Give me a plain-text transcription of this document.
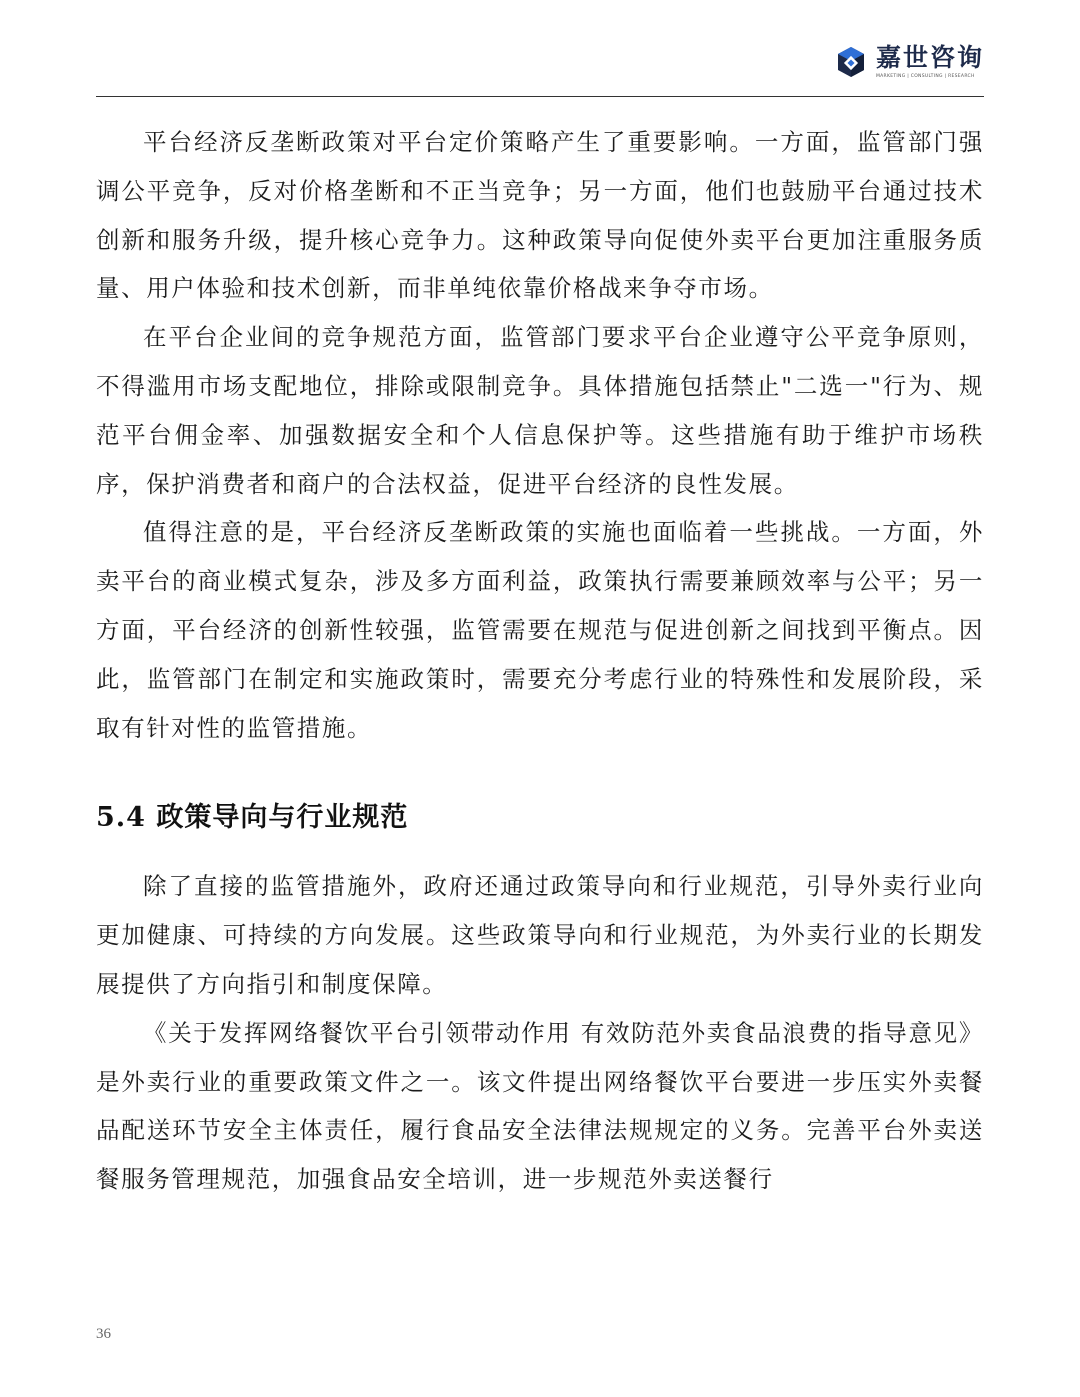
嘉世咨询
MARKETING | CONSULTING | RESEARCH

平台经济反垄断政策对平台定价策略产生了重要影响。一方面，监管部门强调公平竞争，反对价格垄断和不正当竞争；另一方面，他们也鼓励平台通过技术创新和服务升级，提升核心竞争力。这种政策导向促使外卖平台更加注重服务质量、用户体验和技术创新，而非单纯依靠价格战来争夺市场。

在平台企业间的竞争规范方面，监管部门要求平台企业遵守公平竞争原则，不得滥用市场支配地位，排除或限制竞争。具体措施包括禁止"二选一"行为、规范平台佣金率、加强数据安全和个人信息保护等。这些措施有助于维护市场秩序，保护消费者和商户的合法权益，促进平台经济的良性发展。

值得注意的是，平台经济反垄断政策的实施也面临着一些挑战。一方面，外卖平台的商业模式复杂，涉及多方面利益，政策执行需要兼顾效率与公平；另一方面，平台经济的创新性较强，监管需要在规范与促进创新之间找到平衡点。因此，监管部门在制定和实施政策时，需要充分考虑行业的特殊性和发展阶段，采取有针对性的监管措施。

5.4 政策导向与行业规范

除了直接的监管措施外，政府还通过政策导向和行业规范，引导外卖行业向更加健康、可持续的方向发展。这些政策导向和行业规范，为外卖行业的长期发展提供了方向指引和制度保障。

《关于发挥网络餐饮平台引领带动作用 有效防范外卖食品浪费的指导意见》是外卖行业的重要政策文件之一。该文件提出网络餐饮平台要进一步压实外卖餐品配送环节安全主体责任，履行食品安全法律法规规定的义务。完善平台外卖送餐服务管理规范，加强食品安全培训，进一步规范外卖送餐行

36
